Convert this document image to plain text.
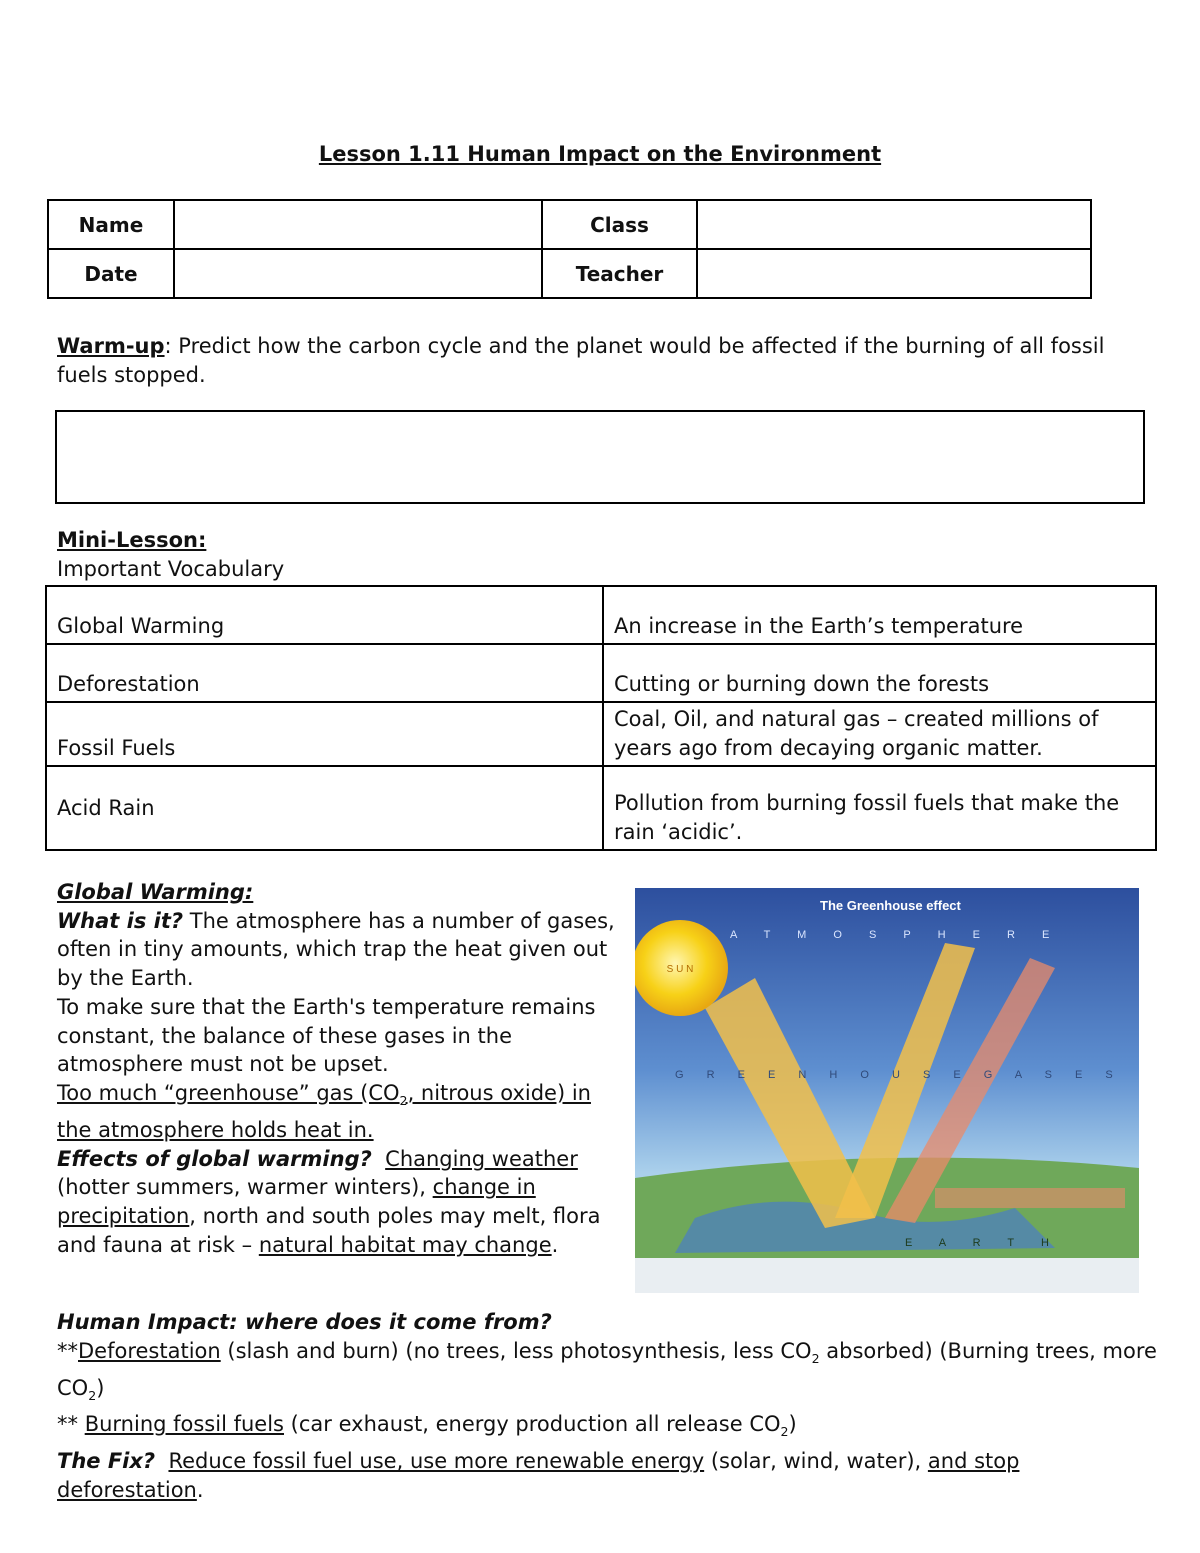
Lesson 1.11 Human Impact on the Environment
Name		Class	
Date		Teacher	
Warm-up: Predict how the carbon cycle and the planet would be affected if the burning of all fossil fuels stopped.
Mini-Lesson:
Important Vocabulary
Global Warming	An increase in the Earth’s temperature
Deforestation	Cutting or burning down the forests
Fossil Fuels	Coal, Oil, and natural gas – created millions of years ago from decaying organic matter.
Acid Rain	Pollution from burning fossil fuels that make the rain ‘acidic’.
Global Warming:
What is it? The atmosphere has a number of gases, often in tiny amounts, which trap the heat given out by the Earth.
To make sure that the Earth's temperature remains constant, the balance of these gases in the atmosphere must not be upset.
Too much “greenhouse” gas ($CO_2$, nitrous oxide) in the atmosphere holds heat in.
Effects of global warming? Changing weather (hotter summers, warmer winters), change in precipitation, north and south poles may melt, flora and fauna at risk – natural habitat may change.
Human Impact: where does it come from?
**Deforestation (slash and burn) (no trees, less photosynthesis, less $CO_2$ absorbed) (Burning trees, more $CO_2$)
** Burning fossil fuels (car exhaust, energy production all release $CO_2$)
The Fix? Reduce fossil fuel use, use more renewable energy (solar, wind, water), and stop deforestation.
S U N
The Greenhouse effect
A T M O S P H E R E
G R E E N H O U S E G A S E S
E A R T H
